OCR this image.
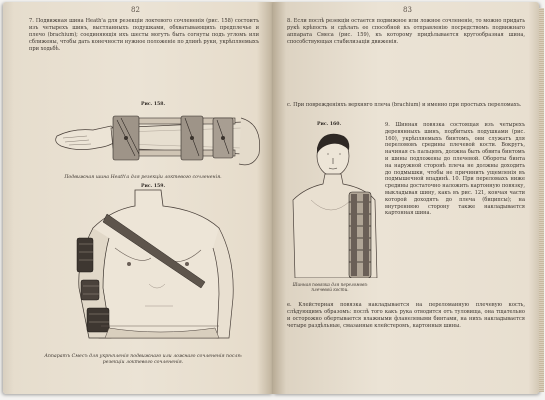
82

7. Подвижная шина Heath'a для резекціи локтевого сочлененія (рис. 158) состоитъ изъ четырехъ шинъ, выстланныхъ подушками, обхватывающихъ предплечье и плечо (brachium); соединяющія ихъ шесты могутъ быть согнуты подъ угломъ или сближены, чтобы дать конечности нужное положеніе по длинѣ руки, укрѣпляемыхъ при ходьбѣ.

Рис. 158.

Подвижная шина Heath'a для резекціи локтевого сочлененія.

Рис. 159.

Аппаратъ Смесъ для укрѣпленія подвижнаго или ложнаго сочлененія послѣ резекціи локтевого сочлененія.

83

8. Если послѣ резекціи остается подвижное или ложное сочлененіе, то можно придать рукѣ крѣпость и сдѣлать ее способной къ отправленію посредствомъ подвижнаго аппарата Смеса (рис. 159), къ которому придѣлывается кругообразная шина, способствующая стабилизаціи движенія.

c. При поврежденіяхъ верхняго плеча (brachium) и именно при простыхъ переломахъ.

Рис. 160.

Шинная повязка для переломовъ плечевой кости.

9. Шинная повязка состоящая изъ четырехъ деревянныхъ шинъ, подбитыхъ подушками (рис. 160), укрѣпляемыхъ бинтомъ, они служатъ для переломовъ средины плечевой кости. Вокругъ, начиная съ пальцевъ, должна быть обвита бинтомъ и шины подложены до плечевой. Обороты бинта на наружной сторонѣ плеча не должны доходить до подмышки, чтобы не причинить ущемленія въ подмышечной впадинѣ. 10. При переломахъ ниже средины достаточно наложить картонную повязку, выкладывая шину, какъ въ рис. 121, кончая части которой доходятъ до плеча (биципсы); на внутреннюю сторону также накладывается картонная шина.

e. Клейстерная повязка накладывается на переломанную плечевую кость, слѣдующимъ образомъ: послѣ того какъ рука отводится отъ туловища, она тщательно и осторожно обертывается влажными фланелевыми бинтами, на нихъ накладывается четыре раздѣльные, смазанные клейстеромъ, картонныя шины.
